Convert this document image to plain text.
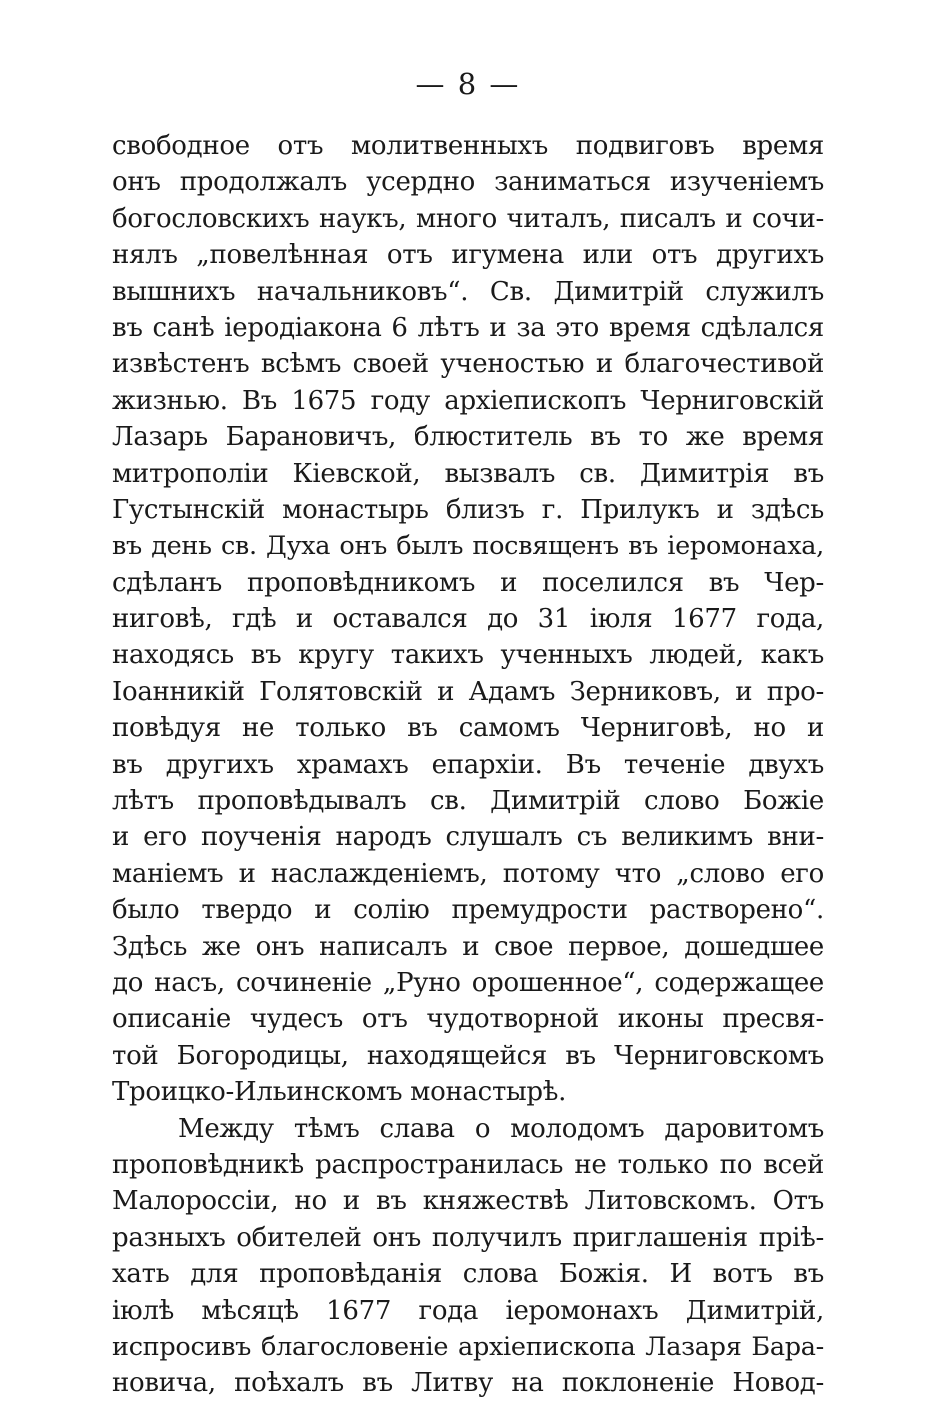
— 8 —
свободное отъ молитвенныхъ подвиговъ время
онъ продолжалъ усердно заниматься изученіемъ
богословскихъ наукъ, много читалъ, писалъ и сочи-
нялъ „повелѣнная отъ игумена или отъ другихъ
вышнихъ начальниковъ“. Св. Димитрій служилъ
въ санѣ іеродіакона 6 лѣтъ и за это время сдѣлался
извѣстенъ всѣмъ своей ученостью и благочестивой
жизнью. Въ 1675 году архіепископъ Черниговскій
Лазарь Барановичъ, блюститель въ то же время
митрополіи Кіевской, вызвалъ св. Димитрія въ
Густынскій монастырь близъ г. Прилукъ и здѣсь
въ день св. Духа онъ былъ посвященъ въ іеромонаха,
сдѣланъ проповѣдникомъ и поселился въ Чер-
ниговѣ, гдѣ и оставался до 31 іюля 1677 года,
находясь въ кругу такихъ ученныхъ людей, какъ
Іоанникій Голятовскій и Адамъ Зерниковъ, и про-
повѣдуя не только въ самомъ Черниговѣ, но и
въ другихъ храмахъ епархіи. Въ теченіе двухъ
лѣтъ проповѣдывалъ св. Димитрій слово Божіе
и его поученія народъ слушалъ съ великимъ вни-
маніемъ и наслажденіемъ, потому что „слово его
было твердо и солію премудрости растворено“.
Здѣсь же онъ написалъ и свое первое, дошедшее
до насъ, сочиненіе „Руно орошенное“, содержащее
описаніе чудесъ отъ чудотворной иконы пресвя-
той Богородицы, находящейся въ Черниговскомъ
Троицко-Ильинскомъ монастырѣ.
Между тѣмъ слава о молодомъ даровитомъ
проповѣдникѣ распространилась не только по всей
Малороссіи, но и въ княжествѣ Литовскомъ. Отъ
разныхъ обителей онъ получилъ приглашенія пріѣ-
хать для проповѣданія слова Божія. И вотъ въ
іюлѣ мѣсяцѣ 1677 года іеромонахъ Димитрій,
испросивъ благословеніе архіепископа Лазаря Бара-
новича, поѣхалъ въ Литву на поклоненіе Новод-
